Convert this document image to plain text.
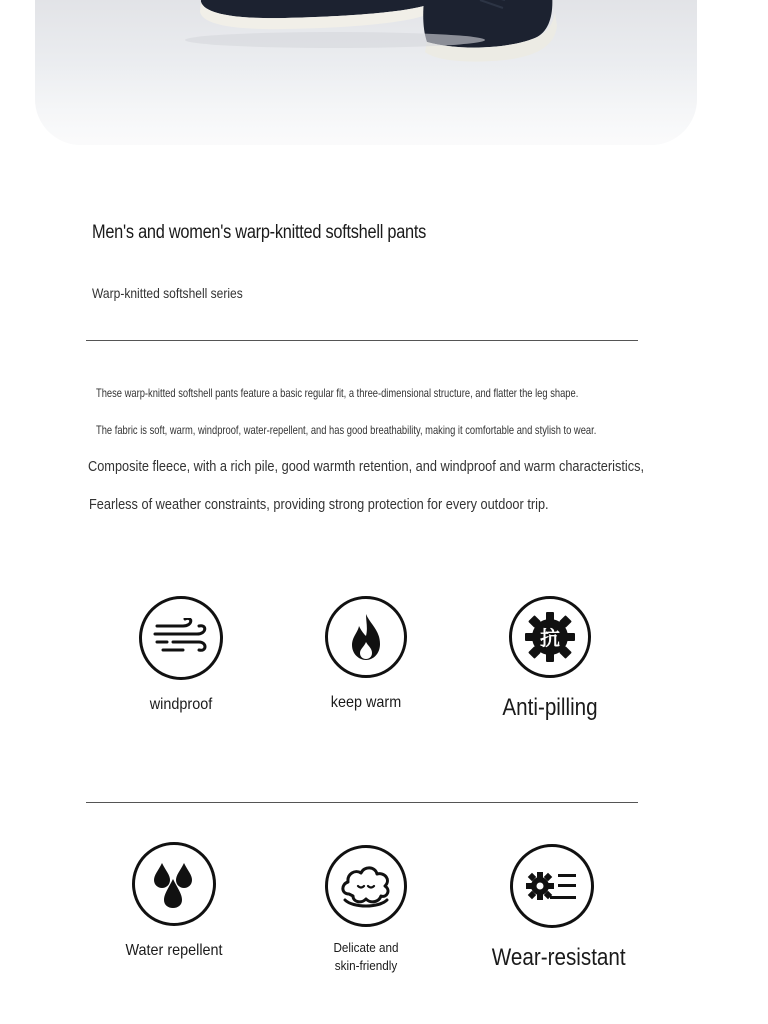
Men's and women's warp-knitted softshell pants
Warp-knitted softshell series
These warp-knitted softshell pants feature a basic regular fit, a three-dimensional structure, and flatter the leg shape.
The fabric is soft, warm, windproof, water-repellent, and has good breathability, making it comfortable and stylish to wear.
Composite fleece, with a rich pile, good warmth retention, and windproof and warm characteristics,
Fearless of weather constraints, providing strong protection for every outdoor trip.
windproof	keep warm
抗
Anti-pilling
Water repellent	Delicate and
skin-friendly	Wear-resistant
